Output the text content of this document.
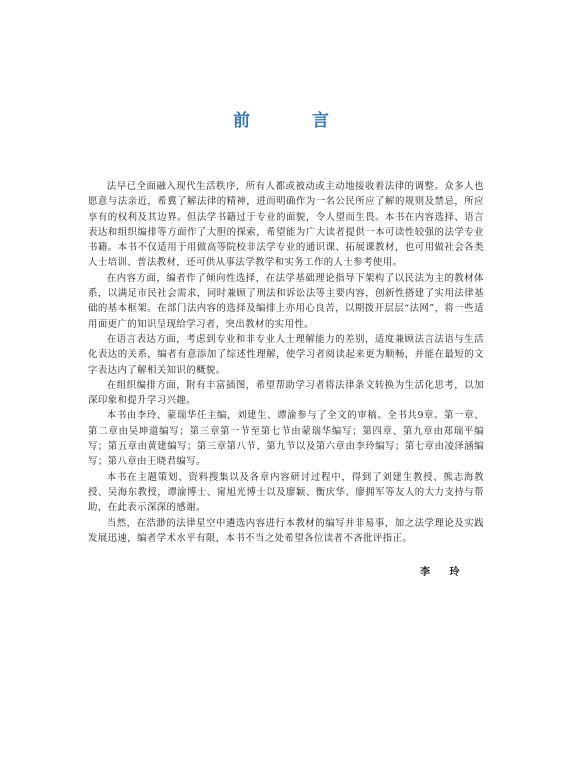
前 言

法早已全面融入现代生活秩序，所有人都或被动或主动地接收着法律的调整。众多人也愿意与法亲近，希冀了解法律的精神，进而明确作为一名公民所应了解的规则及禁忌，所应享有的权利及其边界。但法学书籍过于专业的面貌，令人望而生畏。本书在内容选择、语言表达和组织编排等方面作了大胆的探索，希望能为广大读者提供一本可读性较强的法学专业书籍。本书不仅适用于用做高等院校非法学专业的通识课、拓展课教材，也可用做社会各类人士培训、普法教材，还可供从事法学教学和实务工作的人士参考使用。

在内容方面，编者作了倾向性选择，在法学基础理论指导下架构了以民法为主的教材体系，以满足市民社会需求，同时兼顾了刑法和诉讼法等主要内容，创新性搭建了实用法律基础的基本框架。在部门法内容的选择及编排上亦用心良苦，以期拨开层层“法网”，将一些适用面更广的知识呈现给学习者，突出教材的实用性。

在语言表达方面，考虑到专业和非专业人士理解能力的差别，适度兼顾法言法语与生活化表达的关系，编者有意添加了综述性理解，使学习者阅读起来更为顺畅，并能在最短的文字表达内了解相关知识的概貌。

在组织编排方面，附有丰富插图，希望帮助学习者将法律条文转换为生活化思考，以加深印象和提升学习兴趣。

本书由李玲、蒙瑞华任主编，刘建生、谭渝参与了全文的审稿。全书共9章。第一章、第二章由吴坤道编写；第三章第一节至第七节由蒙瑞华编写；第四章、第九章由郑瑞平编写；第五章由黄建编写；第三章第八节、第九节以及第六章由李玲编写；第七章由凌泽涵编写；第八章由王晓君编写。

本书在主题策划、资料搜集以及各章内容研讨过程中，得到了刘建生教授、熊志海教授、吴海东教授，谭渝博士、甯旭光博士以及廖颖、衡庆华、廖拥军等友人的大力支持与帮助，在此表示深深的感谢。

当然，在浩渺的法律星空中遴选内容进行本教材的编写并非易事，加之法学理论及实践发展迅速，编者学术水平有限，本书不当之处希望各位读者不吝批评指正。

李 玲
